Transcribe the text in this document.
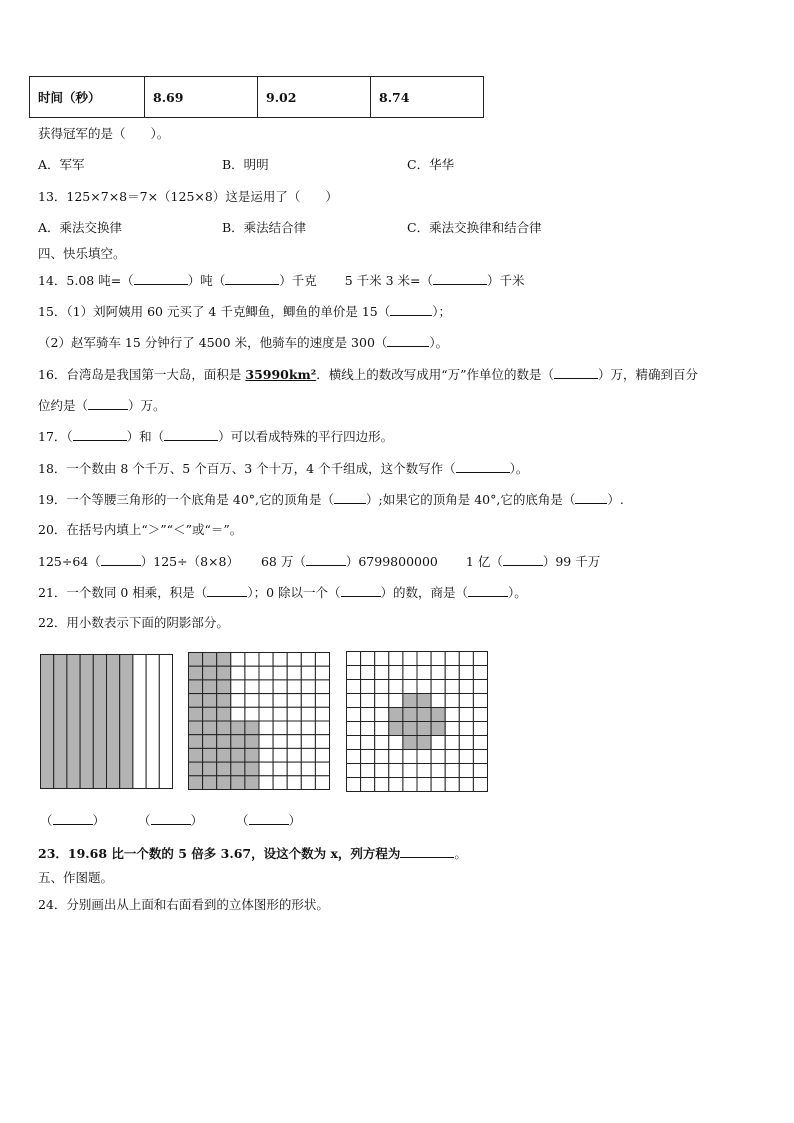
时间（秒）	8.69	9.02	8.74
获得冠军的是（　　）。
A．军军	B．明明	C．华华
13．125×7×8＝7×（125×8）这是运用了（　　）
A．乘法交换律	B．乘法结合律	C．乘法交换律和结合律
四、快乐填空。
14．5.08 吨=（	）吨（	）千克 5 千米 3 米=（	）千米
15．（1）刘阿姨用 60 元买了 4 千克鲫鱼，鲫鱼的单价是 15（	）；
（2）赵军骑车 15 分钟行了 4500 米，他骑车的速度是 300（	）。
16．台湾岛是我国第一大岛，面积是 35990km²．横线上的数改写成用“万”作单位的数是（	）万，精确到百分
位约是（	）万。
17．（	）和（	）可以看成特殊的平行四边形。
18．一个数由 8 个千万、5 个百万、3 个十万，4 个千组成，这个数写作（	）。
19．一个等腰三角形的一个底角是 40°,它的顶角是（	）;如果它的顶角是 40°,它的底角是（	）.
20．在括号内填上“＞”“＜”或“＝”。
125÷64（	）125÷（8×8） 68 万（	）6799800000 1 亿（	）99 千万
21．一个数同 0 相乘，积是（	）；0 除以一个（	）的数，商是（	）。
22．用小数表示下面的阴影部分。
（	）	（	）	（	）
23．19.68 比一个数的 5 倍多 3.67，设这个数为 x，列方程为	。
五、作图题。
24．分别画出从上面和右面看到的立体图形的形状。
